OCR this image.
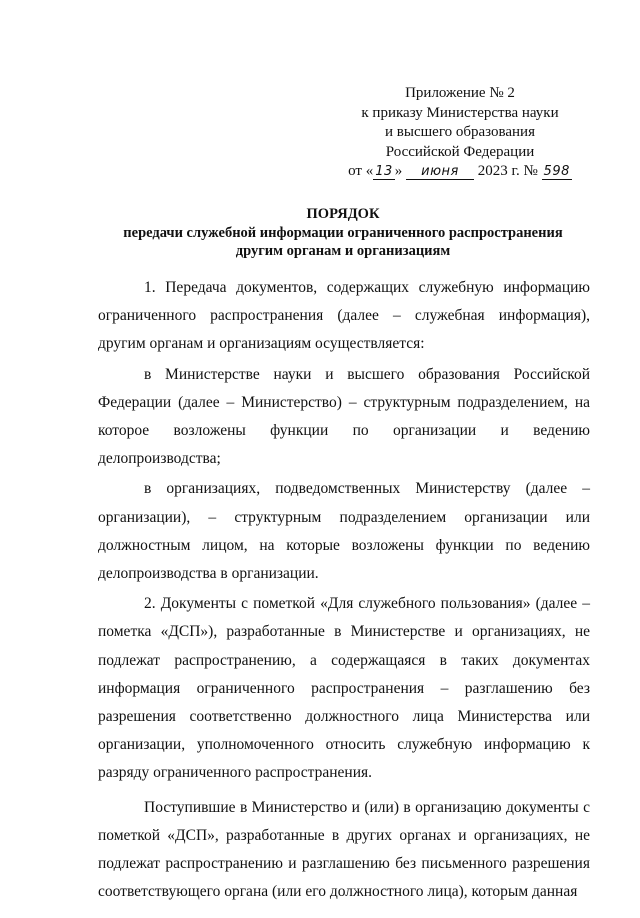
Приложение № 2
к приказу Министерства науки
и высшего образования
Российской Федерации
от « 13 » июня 2023 г. № 598
ПОРЯДОК
передачи служебной информации ограниченного распространения
другим органам и организациям

1. Передача документов, содержащих служебную информацию ограниченного распространения (далее – служебная информация), другим органам и организациям осуществляется:

в Министерстве науки и высшего образования Российской Федерации (далее – Министерство) – структурным подразделением, на которое возложены функции по организации и ведению делопроизводства;

в организациях, подведомственных Министерству (далее – организации), – структурным подразделением организации или должностным лицом, на которые возложены функции по ведению делопроизводства в организации.

2. Документы с пометкой «Для служебного пользования» (далее – пометка «ДСП»), разработанные в Министерстве и организациях, не подлежат распространению, а содержащаяся в таких документах информация ограниченного распространения – разглашению без разрешения соответственно должностного лица Министерства или организации, уполномоченного относить служебную информацию к разряду ограниченного распространения.

Поступившие в Министерство и (или) в организацию документы с пометкой «ДСП», разработанные в других органах и организациях, не подлежат распространению и разглашению без письменного разрешения соответствующего органа (или его должностного лица), которым данная
